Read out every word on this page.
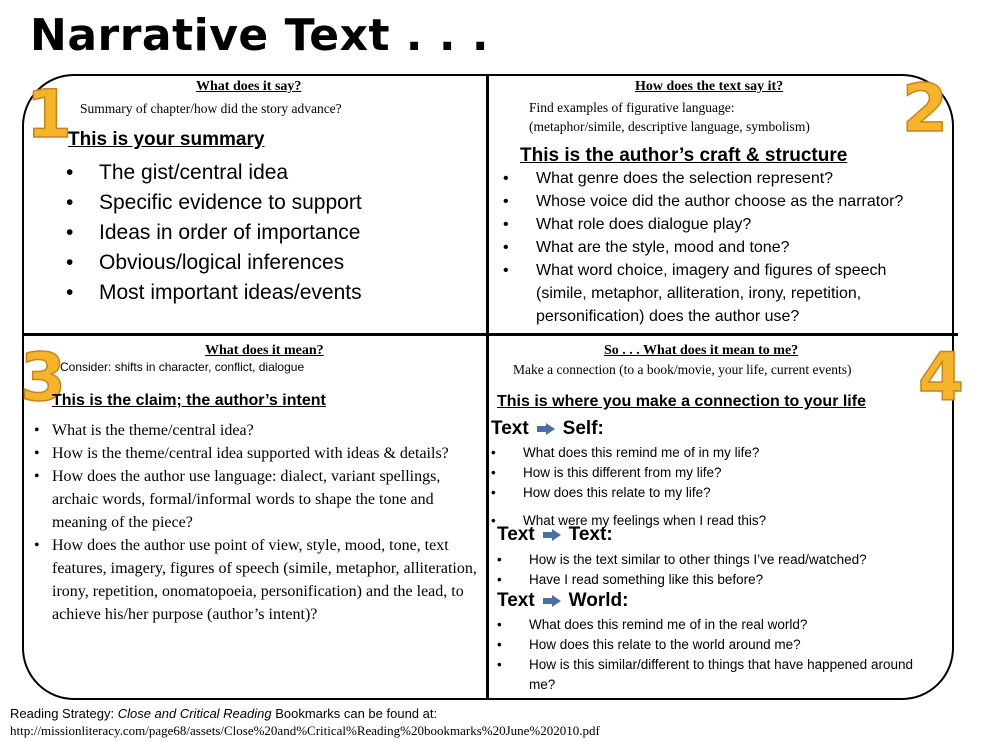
Narrative Text . . .
1	What does it say?
Summary of chapter/how did the story advance?
This is your summary
• The gist/central idea
• Specific evidence to support
• Ideas in order of importance
• Obvious/logical inferences
• Most important ideas/events
2
How does the text say it?
Find examples of figurative language:
(metaphor/simile, descriptive language, symbolism)
This is the author’s craft & structure
• What genre does the selection represent?
• Whose voice did the author choose as the narrator?
• What role does dialogue play?
• What are the style, mood and tone?
• What word choice, imagery and figures of speech (simile, metaphor, alliteration, irony, repetition, personification) does the author use?
3	What does it mean?
Consider: shifts in character, conflict, dialogue
This is the claim; the author’s intent
• What is the theme/central idea?
• How is the theme/central idea supported with ideas & details?
• How does the author use language: dialect, variant spellings, archaic words, formal/informal words to shape the tone and meaning of the piece?
• How does the author use point of view, style, mood, tone, text features, imagery, figures of speech (simile, metaphor, alliteration, irony, repetition, onomatopoeia, personification) and the lead, to achieve his/her purpose (author’s intent)?
4
So . . . What does it mean to me?
Make a connection (to a book/movie, your life, current events)
This is where you make a connection to your life
Text Self:
• What does this remind me of in my life?
• How is this different from my life?
• How does this relate to my life?
• What were my feelings when I read this?
Text Text:
• How is the text similar to other things I’ve read/watched?
• Have I read something like this before?
Text World:
• What does this remind me of in the real world?
• How does this relate to the world around me?
• How is this similar/different to things that have happened around me?
Reading Strategy: Close and Critical Reading Bookmarks can be found at:
http://missionliteracy.com/page68/assets/Close%20and%Critical%Reading%20bookmarks%20June%202010.pdf
